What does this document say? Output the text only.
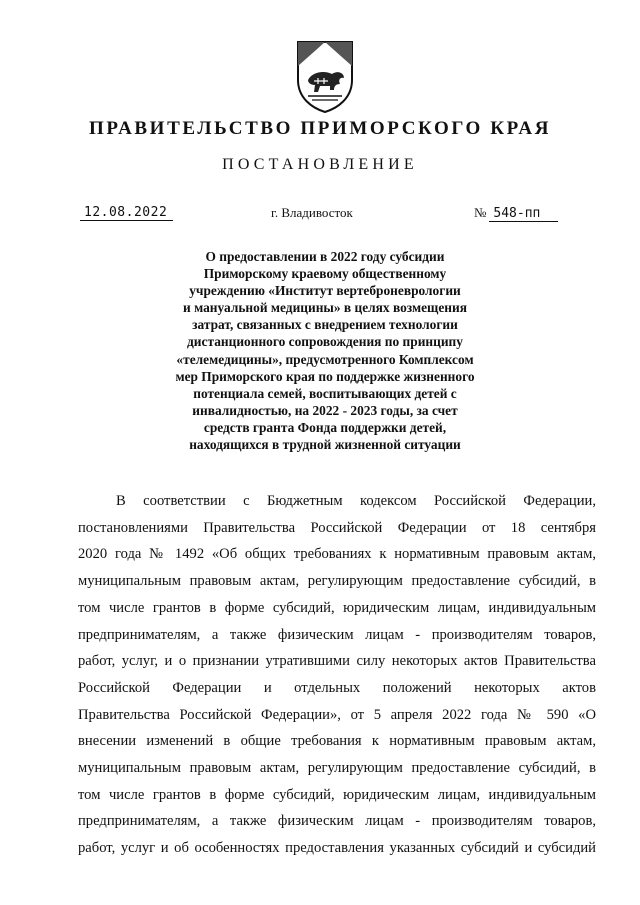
ПРАВИТЕЛЬСТВО ПРИМОРСКОГО КРАЯ
ПОСТАНОВЛЕНИЕ
12.08.2022	г. Владивосток	№ 548-пп
О предоставлении в 2022 году субсидии
Приморскому краевому общественному
учреждению «Институт вертеброневрологии
и мануальной медицины» в целях возмещения
затрат, связанных с внедрением технологии
дистанционного сопровождения по принципу
«телемедицины», предусмотренного Комплексом
мер Приморского края по поддержке жизненного
потенциала семей, воспитывающих детей с
инвалидностью, на 2022 - 2023 годы, за счет
средств гранта Фонда поддержки детей,
находящихся в трудной жизненной ситуации
В соответствии с Бюджетным кодексом Российской Федерации,
постановлениями Правительства Российской Федерации от 18 сентября
2020 года № 1492 «Об общих требованиях к нормативным правовым актам,
муниципальным правовым актам, регулирующим предоставление субсидий, в
том числе грантов в форме субсидий, юридическим лицам, индивидуальным
предпринимателям, а также физическим лицам - производителям товаров,
работ, услуг, и о признании утратившими силу некоторых актов Правительства
Российской Федерации и отдельных положений некоторых актов
Правительства Российской Федерации», от 5 апреля 2022 года № 590 «О
внесении изменений в общие требования к нормативным правовым актам,
муниципальным правовым актам, регулирующим предоставление субсидий, в
том числе грантов в форме субсидий, юридическим лицам, индивидуальным
предпринимателям, а также физическим лицам - производителям товаров,
работ, услуг и об особенностях предоставления указанных субсидий и субсидий
